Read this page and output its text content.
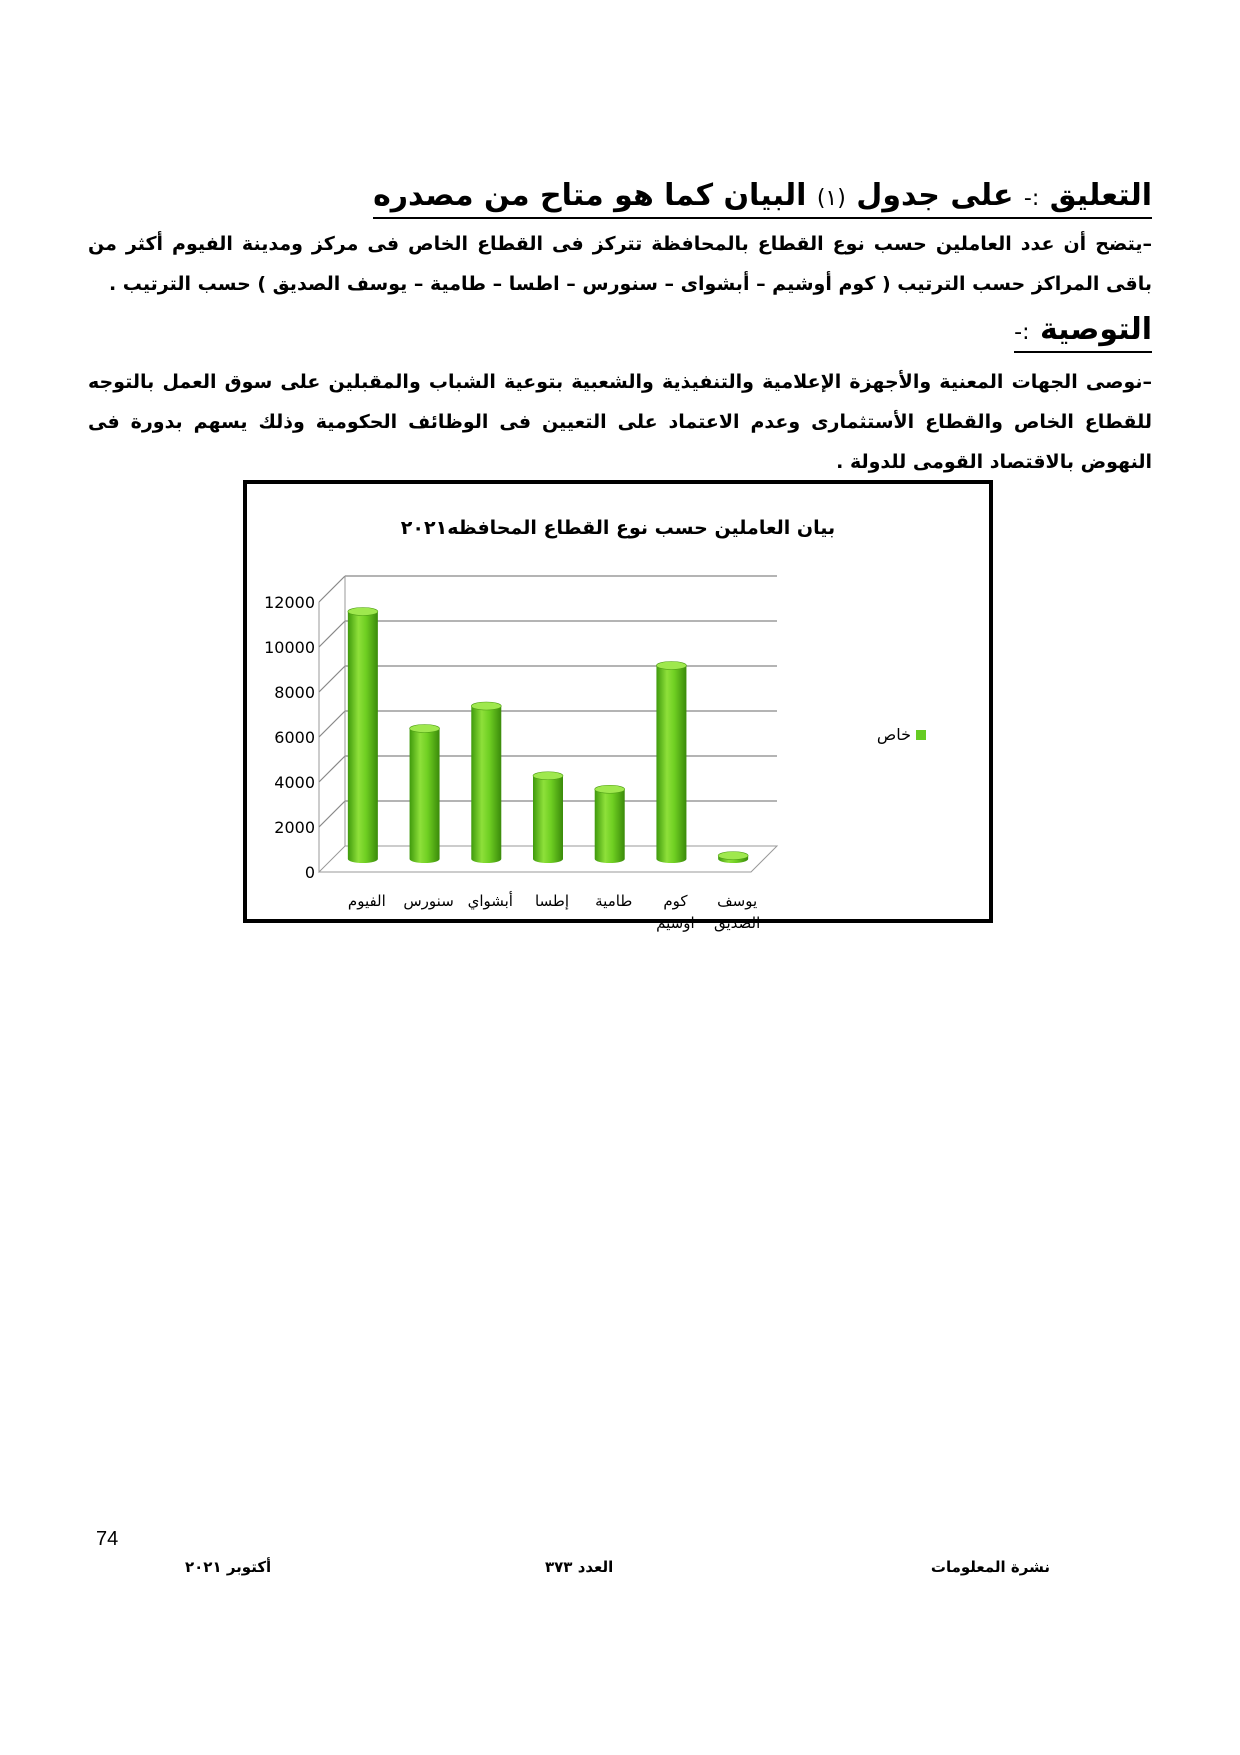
التعليق :- على جدول (١) البيان كما هو متاح من مصدره
–يتضح أن عدد العاملين حسب نوع القطاع بالمحافظة تتركز فى القطاع الخاص فى مركز ومدينة الفيوم أكثر من باقى المراكز حسب الترتيب ( كوم أوشيم – أبشواى – سنورس – اطسا – طامية – يوسف الصديق ) حسب الترتيب .
التوصية :-
–نوصى الجهات المعنية والأجهزة الإعلامية والتنفيذية والشعبية بتوعية الشباب والمقبلين على سوق العمل بالتوجه للقطاع الخاص والقطاع الأستثمارى وعدم الاعتماد على التعيين فى الوظائف الحكومية وذلك يسهم بدورة فى النهوض بالاقتصاد القومى للدولة .
بيان العاملين حسب نوع القطاع المحافظه٢٠٢١
0
2000
4000
6000
8000
10000
12000
الفيوم سنورس أبشواي إطسا طامية كوم
اوشيم
يوسف
الصديق
خاص
74
أكتوبر ٢٠٢١	العدد ٣٧٣	نشرة المعلومات
